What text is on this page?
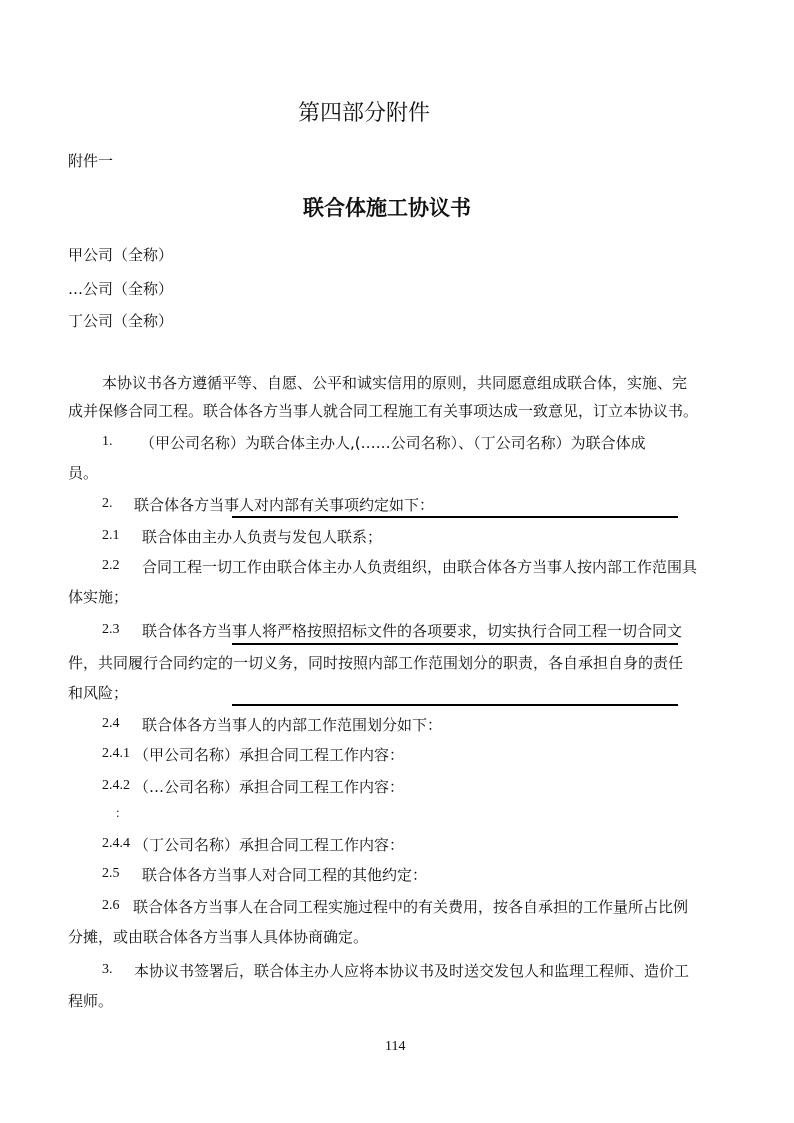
第四部分附件
附件一
联合体施工协议书
甲公司（全称）
…公司（全称）
丁公司（全称）
本协议书各方遵循平等、自愿、公平和诚实信用的原则，共同愿意组成联合体，实施、完
成并保修合同工程。联合体各方当事人就合同工程施工有关事项达成一致意见，订立本协议书。
1. （甲公司名称）为联合体主办人,(……公司名称）、（丁公司名称）为联合体成
员。
2. 联合体各方当事人对内部有关事项约定如下：
2.1 联合体由主办人负责与发包人联系；
2.2 合同工程一切工作由联合体主办人负责组织，由联合体各方当事人按内部工作范围具
体实施；
2.3 联合体各方当事人将严格按照招标文件的各项要求，切实执行合同工程一切合同文
件，共同履行合同约定的一切义务，同时按照内部工作范围划分的职责，各自承担自身的责任
和风险；
2.4 联合体各方当事人的内部工作范围划分如下：
2.4.1 （甲公司名称）承担合同工程工作内容：
2.4.2 （…公司名称）承担合同工程工作内容：
：
2.4.4 （丁公司名称）承担合同工程工作内容：
2.5 联合体各方当事人对合同工程的其他约定：
2.6 联合体各方当事人在合同工程实施过程中的有关费用，按各自承担的工作量所占比例
分摊，或由联合体各方当事人具体协商确定。
3. 本协议书签署后，联合体主办人应将本协议书及时送交发包人和监理工程师、造价工
程师。
114
